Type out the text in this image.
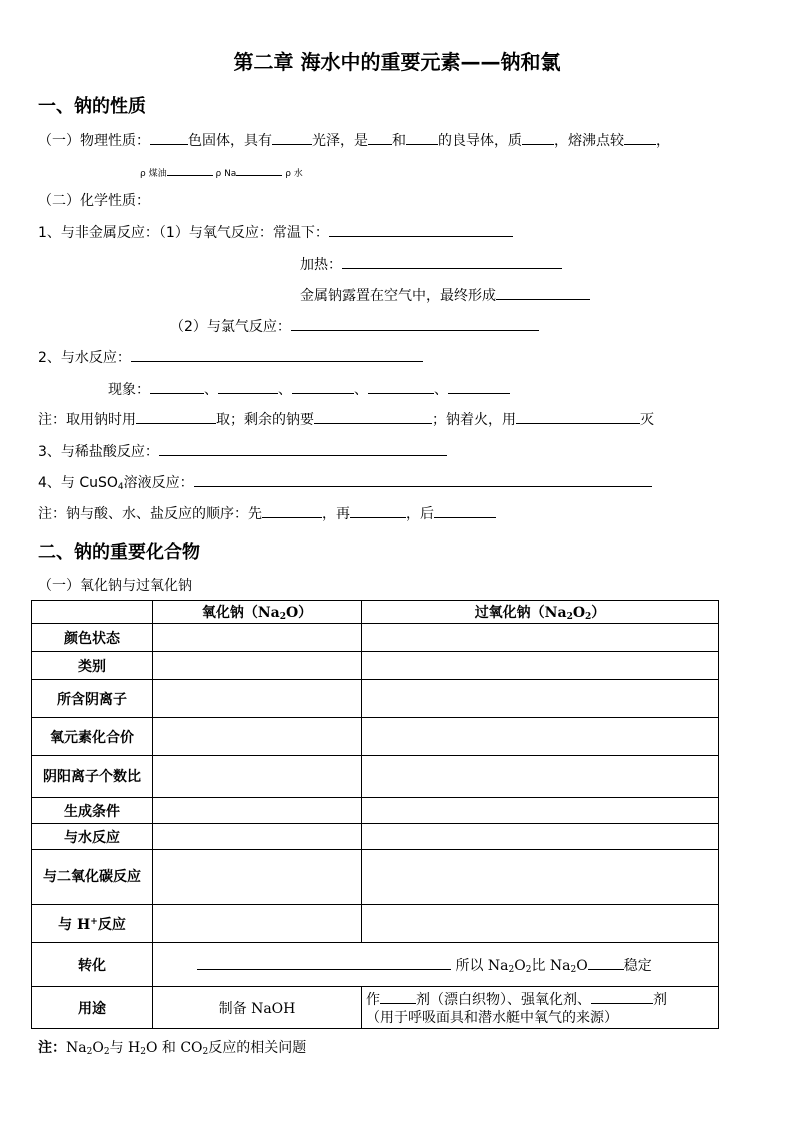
第二章 海水中的重要元素——钠和氯
一、钠的性质
（一）物理性质：	色固体，具有	光泽，是 和 的良导体，质 ，熔沸点较 ，
ρ 煤油	ρ Na	ρ 水
（二）化学性质：
1、与非金属反应：（1）与氧气反应：常温下：
加热：
金属钠露置在空气中，最终形成
（2）与氯气反应：
2、与水反应：
现象：	、	、	、	、
注：取用钠时用	取；剩余的钠要	；钠着火，用	灭
3、与稀盐酸反应：
4、与 CuSO$_4$溶液反应：
注：钠与酸、水、盐反应的顺序：先	，再	，后
二、钠的重要化合物
（一）氧化钠与过氧化钠
	氧化钠$(Na_2O)$	过氧化钠$(Na_2O_2)$
颜色状态		
类别		
所含阴离子		
氧元素化合价		
阴阳离子个数比		
生成条件		
与水反应		
与二氧化碳反应		
与 H+反应		
转化	所以 $Na_2O_2$比 $Na_2O$ 稳定	
用途	制备 NaOH	作 剂（漂白织物）、强氧化剂、 剂
（用于呼吸面具和潜水艇中氧气的来源）
注：$Na_2O_2$与 $H_2O$ 和 $CO_2$反应的相关问题
